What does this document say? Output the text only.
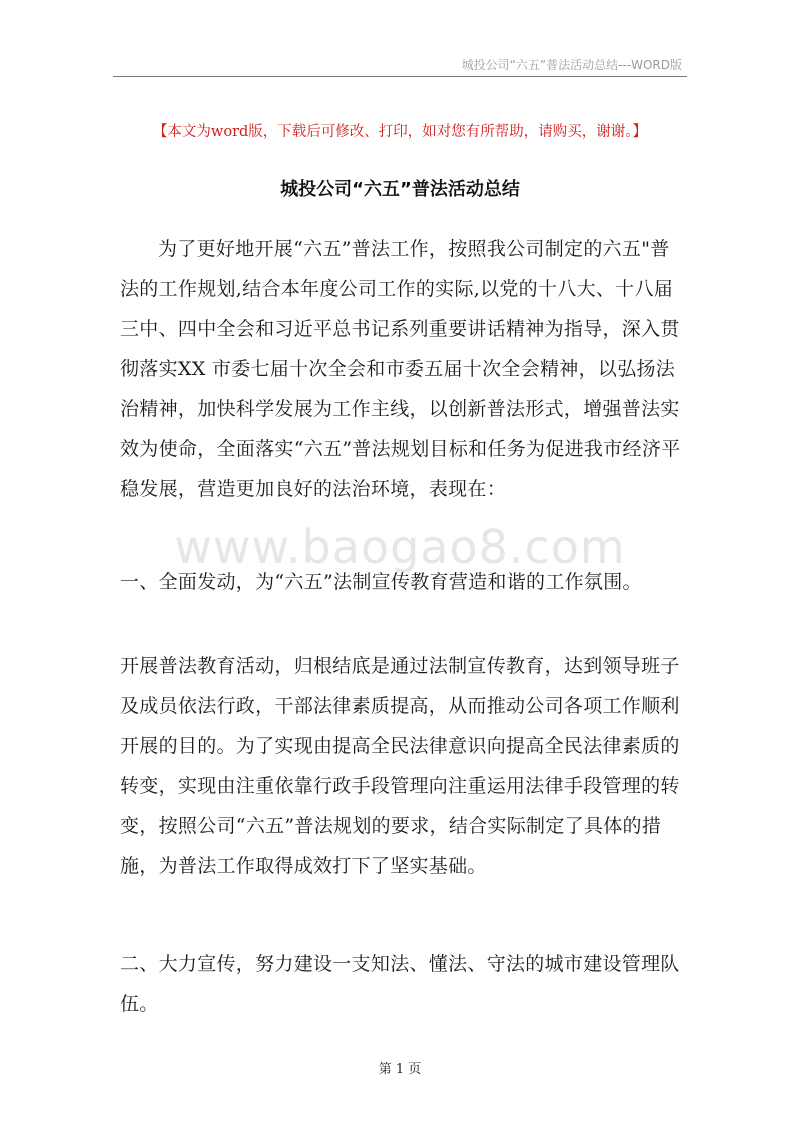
城投公司“六五”普法活动总结---WORD版
【本文为word版，下载后可修改、打印，如对您有所帮助，请购买，谢谢。】
城投公司“六五”普法活动总结
www.baogao8.com
为了更好地开展“六五”普法工作，按照我公司制定的六五"普法的工作规划,结合本年度公司工作的实际,以党的十八大、十八届三中、四中全会和习近平总书记系列重要讲话精神为指导，深入贯彻落实XX 市委七届十次全会和市委五届十次全会精神，以弘扬法治精神，加快科学发展为工作主线，以创新普法形式，增强普法实效为使命，全面落实“六五”普法规划目标和任务为促进我市经济平稳发展，营造更加良好的法治环境，表现在：
一、全面发动，为“六五”法制宣传教育营造和谐的工作氛围。
开展普法教育活动，归根结底是通过法制宣传教育，达到领导班子及成员依法行政，干部法律素质提高，从而推动公司各项工作顺利开展的目的。为了实现由提高全民法律意识向提高全民法律素质的转变，实现由注重依靠行政手段管理向注重运用法律手段管理的转变，按照公司“六五”普法规划的要求，结合实际制定了具体的措施，为普法工作取得成效打下了坚实基础。
二、大力宣传，努力建设一支知法、懂法、守法的城市建设管理队伍。
第 1 页
